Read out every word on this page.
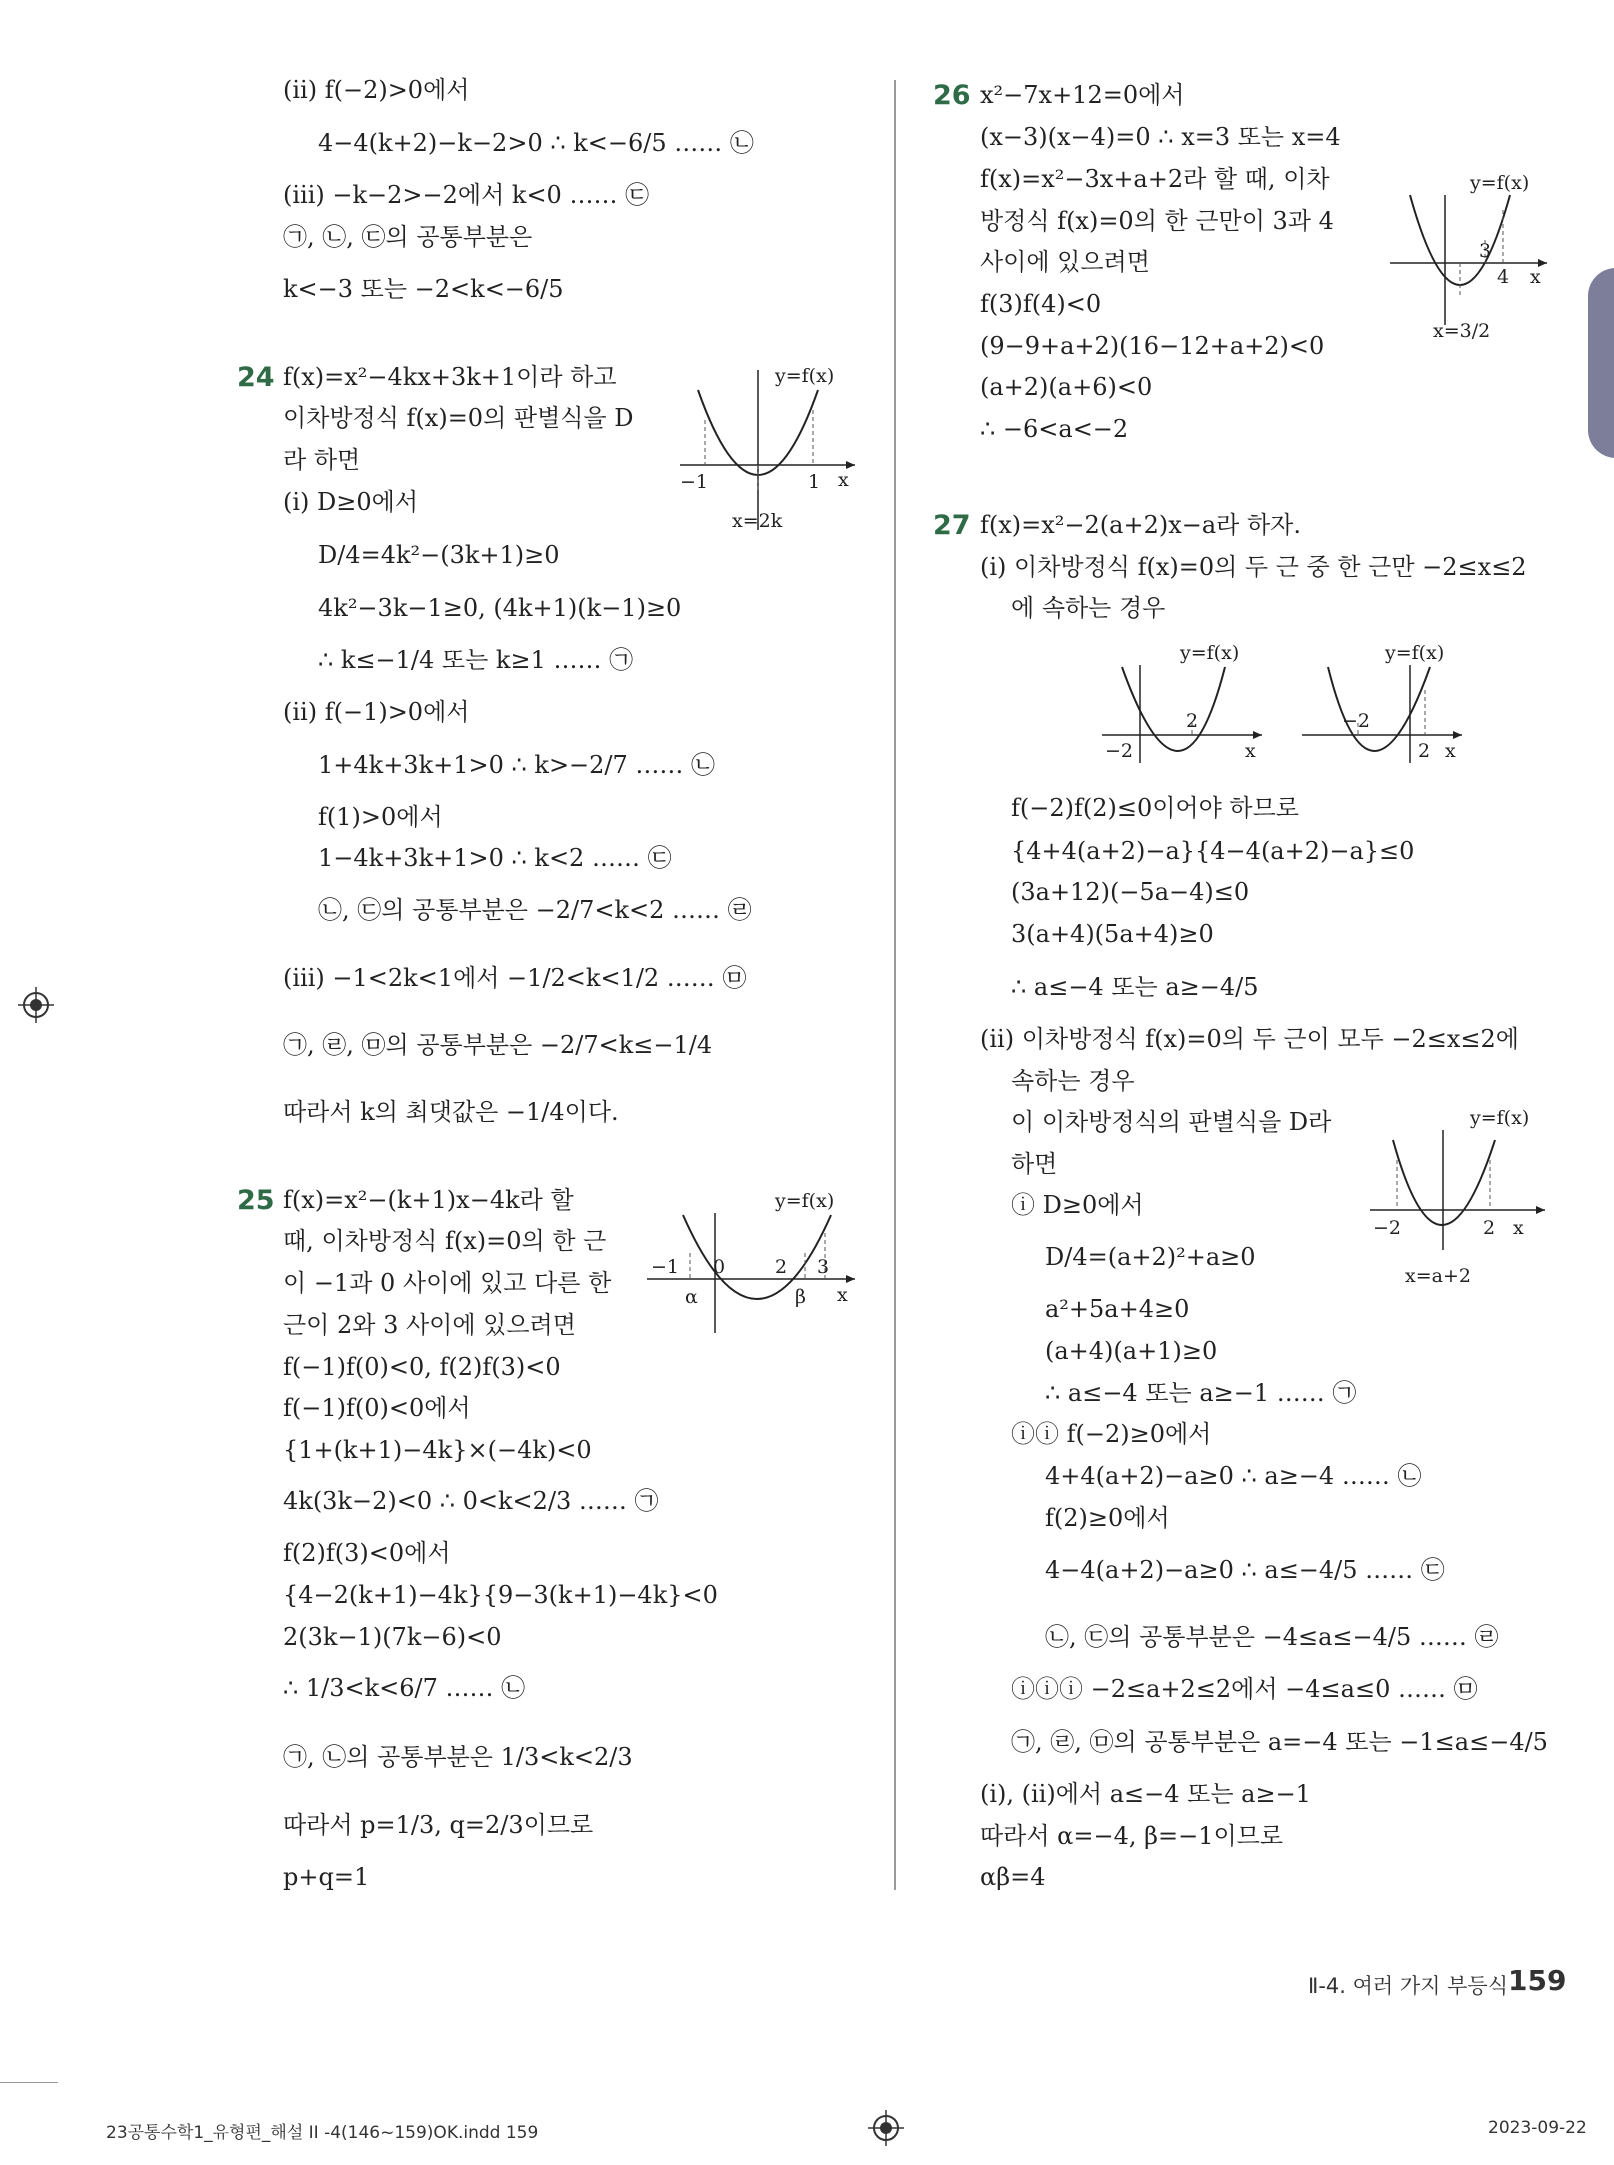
(ⅱ) f(−2)>0에서
4−4(k+2)−k−2>0 ∴ k<−6/5 …… ㉡
(ⅲ) −k−2>−2에서 k<0 …… ㉢
㉠, ㉡, ㉢의 공통부분은
k<−3 또는 −2<k<−6/5
24 f(x)=x²−4kx+3k+1이라 하고
이차방정식 f(x)=0의 판별식을 D
라 하면
(ⅰ) D≥0에서
D/4=4k²−(3k+1)≥0
4k²−3k−1≥0, (4k+1)(k−1)≥0
∴ k≤−1/4 또는 k≥1 …… ㉠
(ⅱ) f(−1)>0에서
1+4k+3k+1>0 ∴ k>−2/7 …… ㉡
f(1)>0에서
1−4k+3k+1>0 ∴ k<2 …… ㉢
㉡, ㉢의 공통부분은 −2/7<k<2 …… ㉣
(ⅲ) −1<2k<1에서 −1/2<k<1/2 …… ㉤
㉠, ㉣, ㉤의 공통부분은 −2/7<k≤−1/4
따라서 k의 최댓값은 −1/4이다.
y=f(x)
−1	1 x
x=2k
25 f(x)=x²−(k+1)x−4k라 할
때, 이차방정식 f(x)=0의 한 근
이 −1과 0 사이에 있고 다른 한
근이 2와 3 사이에 있으려면
f(−1)f(0)<0, f(2)f(3)<0
f(−1)f(0)<0에서
{1+(k+1)−4k}×(−4k)<0
4k(3k−2)<0 ∴ 0<k<2/3 …… ㉠
f(2)f(3)<0에서
{4−2(k+1)−4k}{9−3(k+1)−4k}<0
2(3k−1)(7k−6)<0
∴ 1/3<k<6/7 …… ㉡
㉠, ㉡의 공통부분은 1/3<k<2/3
따라서 p=1/3, q=2/3이므로
p+q=1
y=f(x)
−1 0	2 3
α	β x
26 x²−7x+12=0에서
(x−3)(x−4)=0 ∴ x=3 또는 x=4
f(x)=x²−3x+a+2라 할 때, 이차
방정식 f(x)=0의 한 근만이 3과 4
사이에 있으려면
f(3)f(4)<0
(9−9+a+2)(16−12+a+2)<0
(a+2)(a+6)<0
∴ −6<a<−2
y=f(x)
3
4 x
x=3/2
27 f(x)=x²−2(a+2)x−a라 하자.
(ⅰ) 이차방정식 f(x)=0의 두 근 중 한 근만 −2≤x≤2
에 속하는 경우
y=f(x)
−2
2
x
y=f(x)
−2
2 x
f(−2)f(2)≤0이어야 하므로
{4+4(a+2)−a}{4−4(a+2)−a}≤0
(3a+12)(−5a−4)≤0
3(a+4)(5a+4)≥0
∴ a≤−4 또는 a≥−4/5
(ⅱ) 이차방정식 f(x)=0의 두 근이 모두 −2≤x≤2에
속하는 경우
이 이차방정식의 판별식을 D라
하면
ⓘ D≥0에서
D/4=(a+2)²+a≥0
a²+5a+4≥0
(a+4)(a+1)≥0
∴ a≤−4 또는 a≥−1 …… ㉠
ⓘⓘ f(−2)≥0에서
4+4(a+2)−a≥0 ∴ a≥−4 …… ㉡
f(2)≥0에서
4−4(a+2)−a≥0 ∴ a≤−4/5 …… ㉢
㉡, ㉢의 공통부분은 −4≤a≤−4/5 …… ㉣
ⓘⓘⓘ −2≤a+2≤2에서 −4≤a≤0 …… ㉤
㉠, ㉣, ㉤의 공통부분은 a=−4 또는 −1≤a≤−4/5
(ⅰ), (ⅱ)에서 a≤−4 또는 a≥−1
따라서 α=−4, β=−1이므로
αβ=4
y=f(x)
−2	2 x
x=a+2
Ⅱ-4. 여러 가지 부등식 159
23공통수학1_유형편_해설 II -4(146~159)OK.indd 159	2023-09-22
